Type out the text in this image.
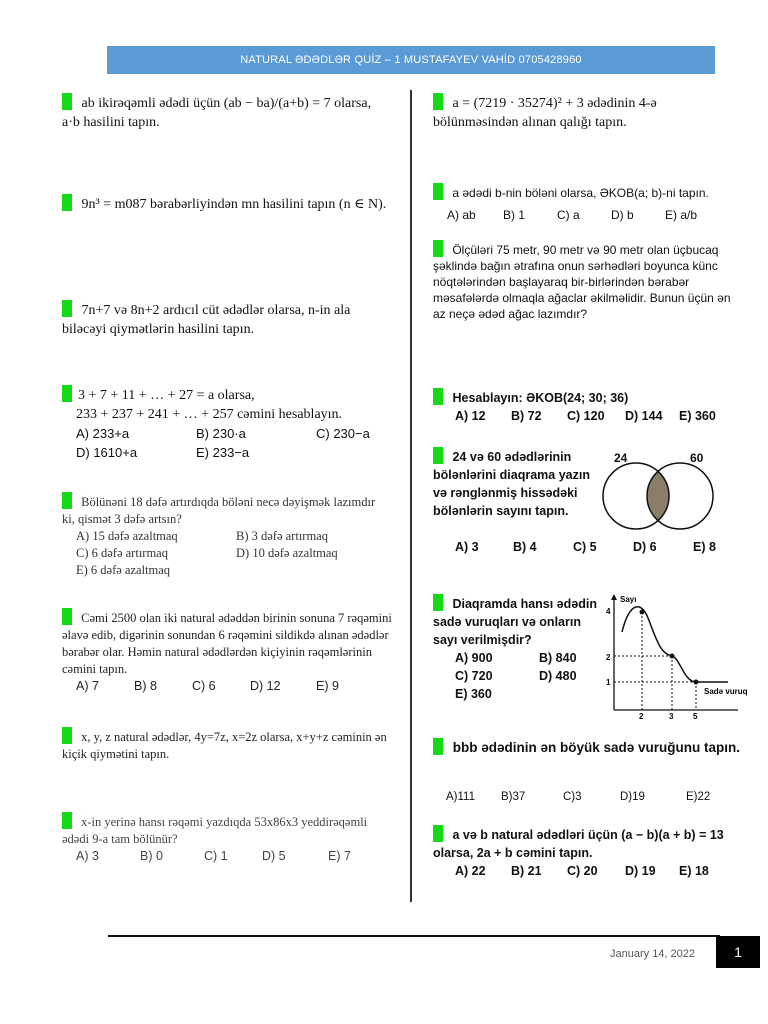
NATURAL ƏDƏDLƏR QUİZ – 1 MUSTAFAYEV VAHİD 0705428960
ab ikirəqəmli ədədi üçün (ab − ba)/(a+b) = 7 olarsa, a·b hasilini tapın.
9n³ = m087 bərabərliyindən mn hasilini tapın (n ∈ N).
7n+7 və 8n+2 ardıcıl cüt ədədlər olarsa, n-in ala biləcəyi qiymətlərin hasilini tapın.
3 + 7 + 11 + … + 27 = a olarsa,
233 + 237 + 241 + … + 257 cəmini hesablayın.
A) 233+a	B) 230·a	C) 230−a
D) 1610+a	E) 233−a
Bölünəni 18 dəfə artırdıqda böləni necə dəyişmək lazımdır ki, qismət 3 dəfə artsın?
A) 15 dəfə azaltmaq	B) 3 dəfə artırmaq
C) 6 dəfə artırmaq	D) 10 dəfə azaltmaq
E) 6 dəfə azaltmaq
Cəmi 2500 olan iki natural ədəddən birinin sonuna 7 rəqəmini əlavə edib, digərinin sonundan 6 rəqəmini sildikdə alınan ədədlər bərabər olar. Həmin natural ədədlərdən kiçiyinin rəqəmlərinin cəmini tapın.
A) 7	B) 8	C) 6	D) 12	E) 9
x, y, z natural ədədlər, 4y=7z, x=2z olarsa, x+y+z cəminin ən kiçik qiymətini tapın.
x-in yerinə hansı rəqəmi yazdıqda 53x86x3 yeddirəqəmli ədədi 9-a tam bölünür?
A) 3	B) 0	C) 1	D) 5	E) 7
a = (7219 · 35274)² + 3 ədədinin 4-ə bölünməsindən alınan qalığı tapın.
a ədədi b-nin böləni olarsa, ƏKOB(a; b)-ni tapın.
A) ab	B) 1	C) a	D) b	E) a/b
Ölçüləri 75 metr, 90 metr və 90 metr olan üçbucaq şəklində bağın ətrafına onun sərhədləri boyunca künc nöqtələrindən başlayaraq bir-birlərindən bərabər məsafələrdə olmaqla ağaclar əkilməlidir. Bunun üçün ən az neçə ədəd ağac lazımdır?
Hesablayın: ƏKOB(24; 30; 36)
A) 12	B) 72	C) 120	D) 144	E) 360
24 və 60 ədədlərinin bölənlərini diaqrama yazın və rənglənmiş hissədəki bölənlərin sayını tapın.
A) 3	B) 4	C) 5	D) 6	E) 8
24	60
Diaqramda hansı ədədin sadə vuruqları və onların sayı verilmişdir?
A) 900	B) 840
C) 720	D) 480
E) 360
Sayı
4
2
1
2	3 5
Sadə vuruq
bbb ədədinin ən böyük sadə vuruğunu tapın.
A)111	B)37	C)3	D)19	E)22
a və b natural ədədləri üçün (a − b)(a + b) = 13 olarsa, 2a + b cəmini tapın.
A) 22	B) 21	C) 20	D) 19	E) 18
January 14, 2022	1
